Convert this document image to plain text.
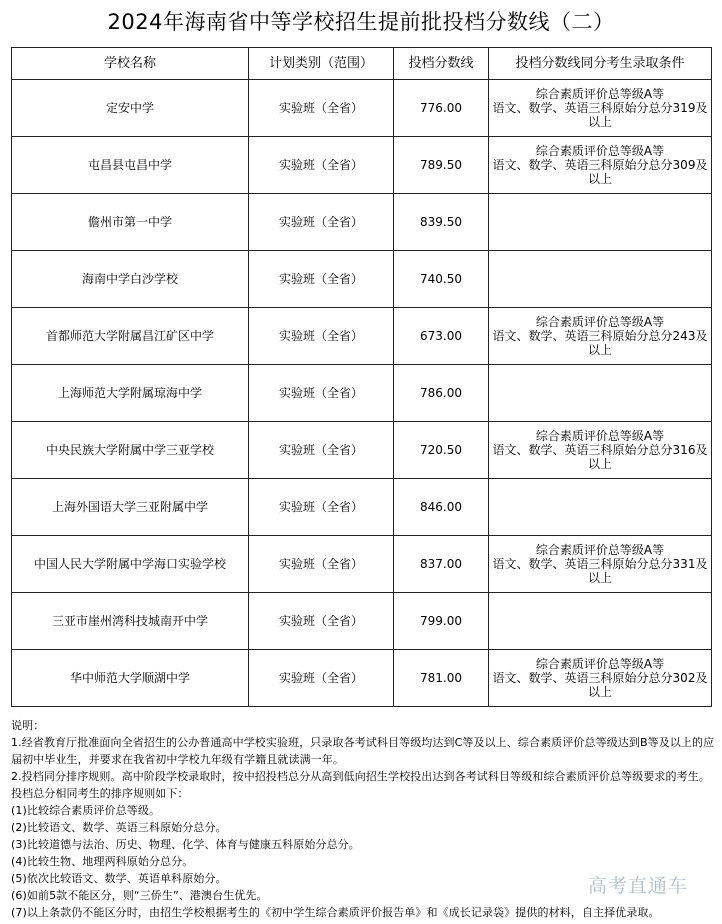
2024年海南省中等学校招生提前批投档分数线（二）
学校名称	计划类别（范围）	投档分数线	投档分数线同分考生录取条件
定安中学	实验班（全省）	776.00	综合素质评价总等级A等
语文、数学、英语三科原始分总分319及以上

屯昌县屯昌中学	实验班（全省）	789.50	综合素质评价总等级A等
语文、数学、英语三科原始分总分309及以上

儋州市第一中学	实验班（全省）	839.50	

海南中学白沙学校	实验班（全省）	740.50	

首都师范大学附属昌江矿区中学	实验班（全省）	673.00	综合素质评价总等级A等
语文、数学、英语三科原始分总分243及以上

上海师范大学附属琼海中学	实验班（全省）	786.00	

中央民族大学附属中学三亚学校	实验班（全省）	720.50	综合素质评价总等级A等
语文、数学、英语三科原始分总分316及以上

上海外国语大学三亚附属中学	实验班（全省）	846.00	

中国人民大学附属中学海口实验学校	实验班（全省）	837.00	综合素质评价总等级A等
语文、数学、英语三科原始分总分331及以上

三亚市崖州湾科技城南开中学	实验班（全省）	799.00	

华中师范大学顺湖中学	实验班（全省）	781.00	综合素质评价总等级A等
语文、数学、英语三科原始分总分302及以上

说明：

1.经省教育厅批准面向全省招生的公办普通高中学校实验班，只录取各考试科目等级均达到C等及以上、综合素质评价总等级达到B等及以上的应届初中毕业生，并要求在我省初中学校九年级有学籍且就读满一年。

2.投档同分排序规则。高中阶段学校录取时，按中招投档总分从高到低向招生学校投出达到各考试科目等级和综合素质评价总等级要求的考生。投档总分相同考生的排序规则如下：

(1)比较综合素质评价总等级。

(2)比较语文、数学、英语三科原始分总分。

(3)比较道德与法治、历史、物理、化学、体育与健康五科原始分总分。

(4)比较生物、地理两科原始分总分。

(5)依次比较语文、数学、英语单科原始分。

(6)如前5款不能区分，则“三侨生”、港澳台生优先。

(7)以上条款仍不能区分时，由招生学校根据考生的《初中学生综合素质评价报告单》和《成长记录袋》提供的材料，自主择优录取。

高考直通车
